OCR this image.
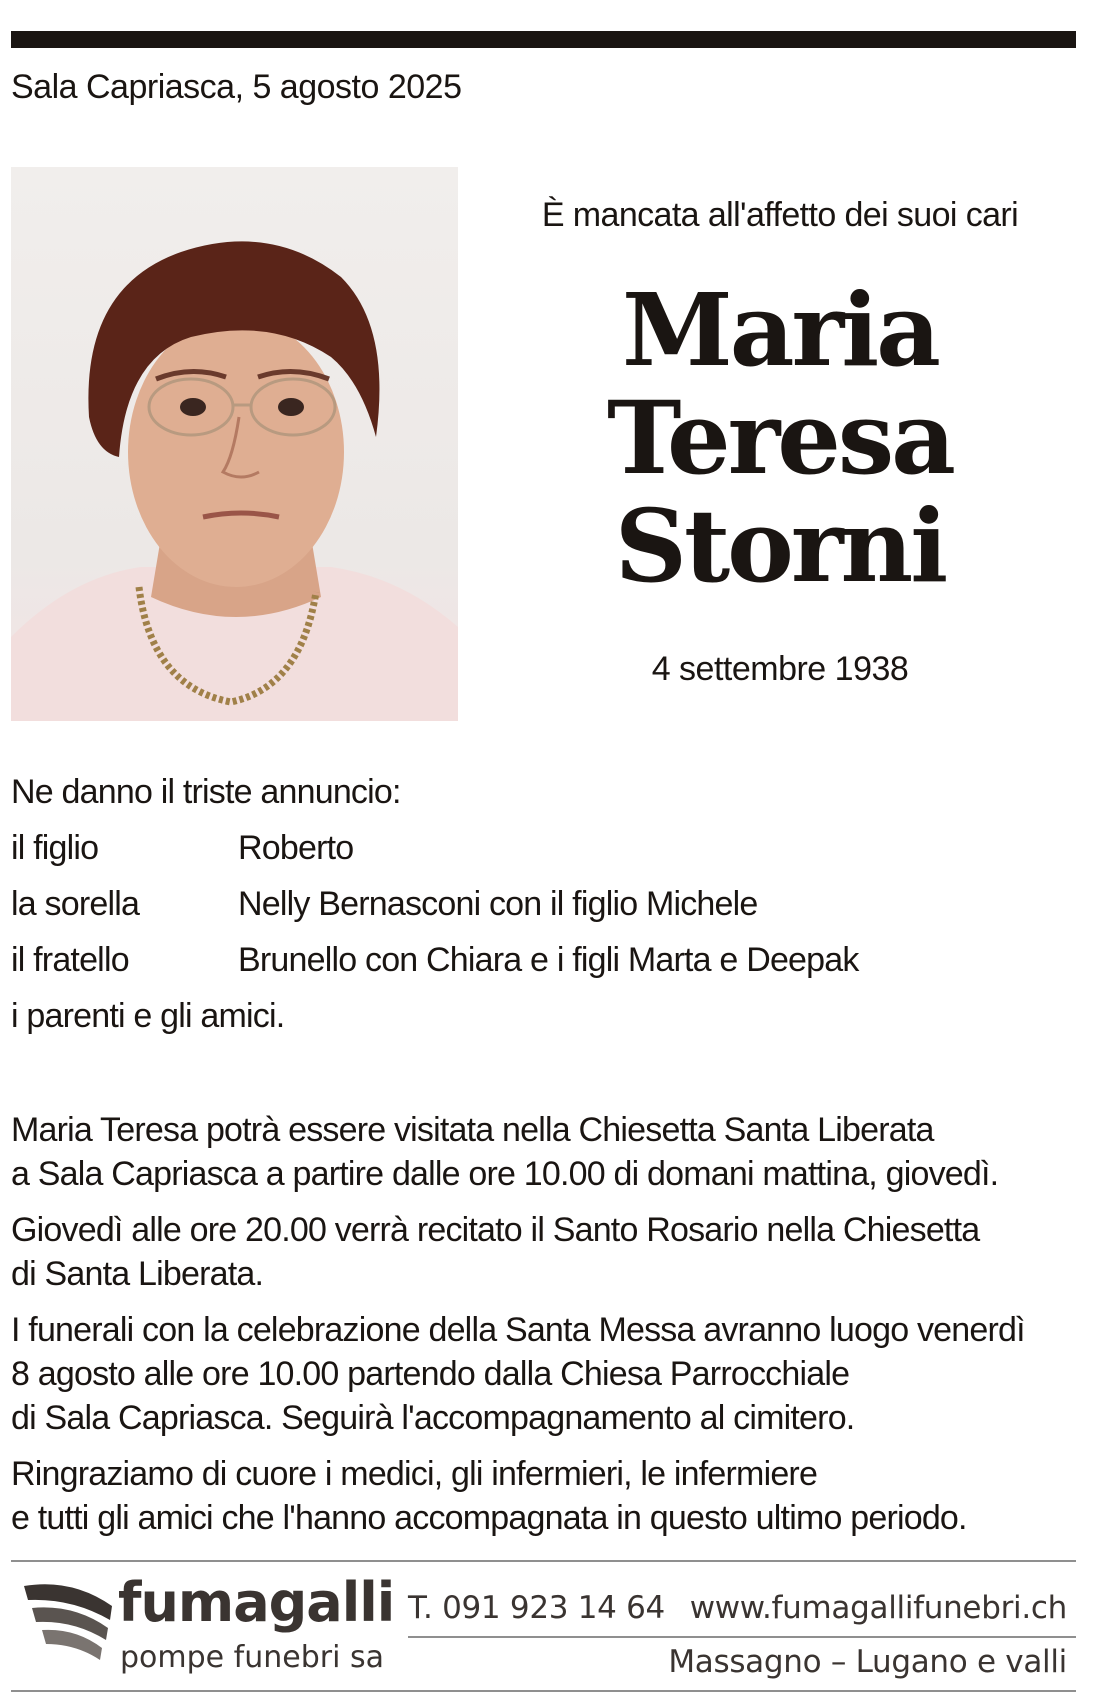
Sala Capriasca, 5 agosto 2025
È mancata all'affetto dei suoi cari
Maria
Teresa
Storni
4 settembre 1938
Ne danno il triste annuncio:
il figlio	Roberto
la sorella	Nelly Bernasconi con il figlio Michele
il fratello	Brunello con Chiara e i figli Marta e Deepak
i parenti e gli amici.

Maria Teresa potrà essere visitata nella Chiesetta Santa Liberata
a Sala Capriasca a partire dalle ore 10.00 di domani mattina, giovedì.

Giovedì alle ore 20.00 verrà recitato il Santo Rosario nella Chiesetta
di Santa Liberata.

I funerali con la celebrazione della Santa Messa avranno luogo venerdì
8 agosto alle ore 10.00 partendo dalla Chiesa Parrocchiale
di Sala Capriasca. Seguirà l'accompagnamento al cimitero.

Ringraziamo di cuore i medici, gli infermieri, le infermiere
e tutti gli amici che l'hanno accompagnata in questo ultimo periodo.

fumagalli
pompe funebri sa
T. 091 923 14 64 www.fumagallifunebri.ch
Massagno – Lugano e valli
